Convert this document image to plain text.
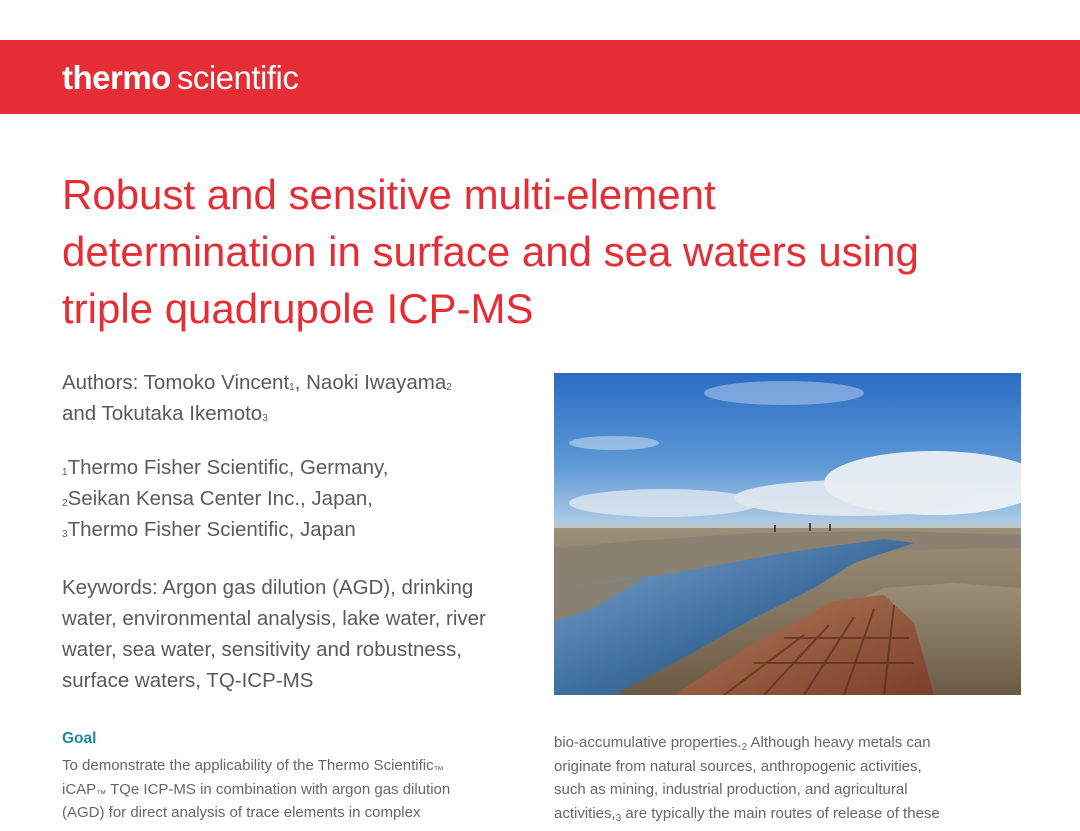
thermo scientific
Robust and sensitive multi-element
determination in surface and sea waters using
triple quadrupole ICP-MS

Authors: Tomoko Vincent$^1$, Naoki Iwayama$^2$
and Tokutaka Ikemoto$^3$

$^1$Thermo Fisher Scientific, Germany,
$^2$Seikan Kensa Center Inc., Japan,
$^3$Thermo Fisher Scientific, Japan

Keywords: Argon gas dilution (AGD), drinking water, environmental analysis, lake water, river water, sea water, sensitivity and robustness, surface waters, TQ-ICP-MS

Goal

To demonstrate the applicability of the Thermo Scientific™
iCAP™ TQe ICP-MS in combination with argon gas dilution
(AGD) for direct analysis of trace elements in complex

bio-accumulative properties.$^2$ Although heavy metals can
originate from natural sources, anthropogenic activities,
such as mining, industrial production, and agricultural
activities,$^3$ are typically the main routes of release of these
